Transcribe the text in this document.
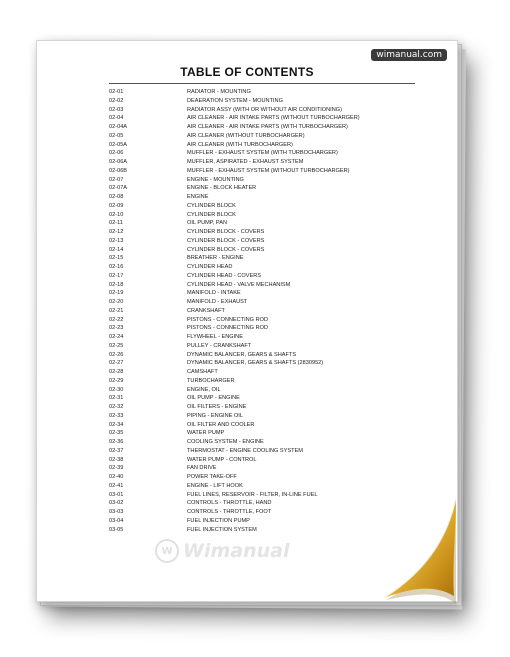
wimanual.com
TABLE OF CONTENTS
02-01	RADIATOR - MOUNTING
02-02	DEAERATION SYSTEM - MOUNTING
02-03	RADIATOR ASSY (WITH OR WITHOUT AIR CONDITIONING)
02-04	AIR CLEANER - AIR INTAKE PARTS (WITHOUT TURBOCHARGER)
02-04A	AIR CLEANER - AIR INTAKE PARTS (WITH TURBOCHARGER)
02-05	AIR CLEANER (WITHOUT TURBOCHARGER)
02-05A	AIR CLEANER (WITH TURBOCHARGER)
02-06	MUFFLER - EXHAUST SYSTEM (WITH TURBOCHARGER)
02-06A	MUFFLER, ASPIRATED - EXHAUST SYSTEM
02-06B	MUFFLER - EXHAUST SYSTEM (WITHOUT TURBOCHARGER)
02-07	ENGINE - MOUNTING
02-07A	ENGINE - BLOCK HEATER
02-08	ENGINE
02-09	CYLINDER BLOCK
02-10	CYLINDER BLOCK
02-11	OIL PUMP, PAN
02-12	CYLINDER BLOCK - COVERS
02-13	CYLINDER BLOCK - COVERS
02-14	CYLINDER BLOCK - COVERS
02-15	BREATHER - ENGINE
02-16	CYLINDER HEAD
02-17	CYLINDER HEAD - COVERS
02-18	CYLINDER HEAD - VALVE MECHANISM
02-19	MANIFOLD - INTAKE
02-20	MANIFOLD - EXHAUST
02-21	CRANKSHAFT
02-22	PISTONS - CONNECTING ROD
02-23	PISTONS - CONNECTING ROD
02-24	FLYWHEEL - ENGINE
02-25	PULLEY - CRANKSHAFT
02-26	DYNAMIC BALANCER, GEARS & SHAFTS
02-27	DYNAMIC BALANCER, GEARS & SHAFTS (2830952)
02-28	CAMSHAFT
02-29	TURBOCHARGER
02-30	ENGINE, OIL
02-31	OIL PUMP - ENGINE
02-32	OIL FILTERS - ENGINE
02-33	PIPING - ENGINE OIL
02-34	OIL FILTER AND COOLER
02-35	WATER PUMP
02-36	COOLING SYSTEM - ENGINE
02-37	THERMOSTAT - ENGINE COOLING SYSTEM
02-38	WATER PUMP - CONTROL
02-39	FAN DRIVE
02-40	POWER TAKE-OFF
02-41	ENGINE - LIFT HOOK
03-01	FUEL LINES, RESERVOIR - FILTER, IN-LINE FUEL
03-02	CONTROLS - THROTTLE, HAND
03-03	CONTROLS - THROTTLE, FOOT
03-04	FUEL INJECTION PUMP
03-05	FUEL INJECTION SYSTEM
W Wimanual
